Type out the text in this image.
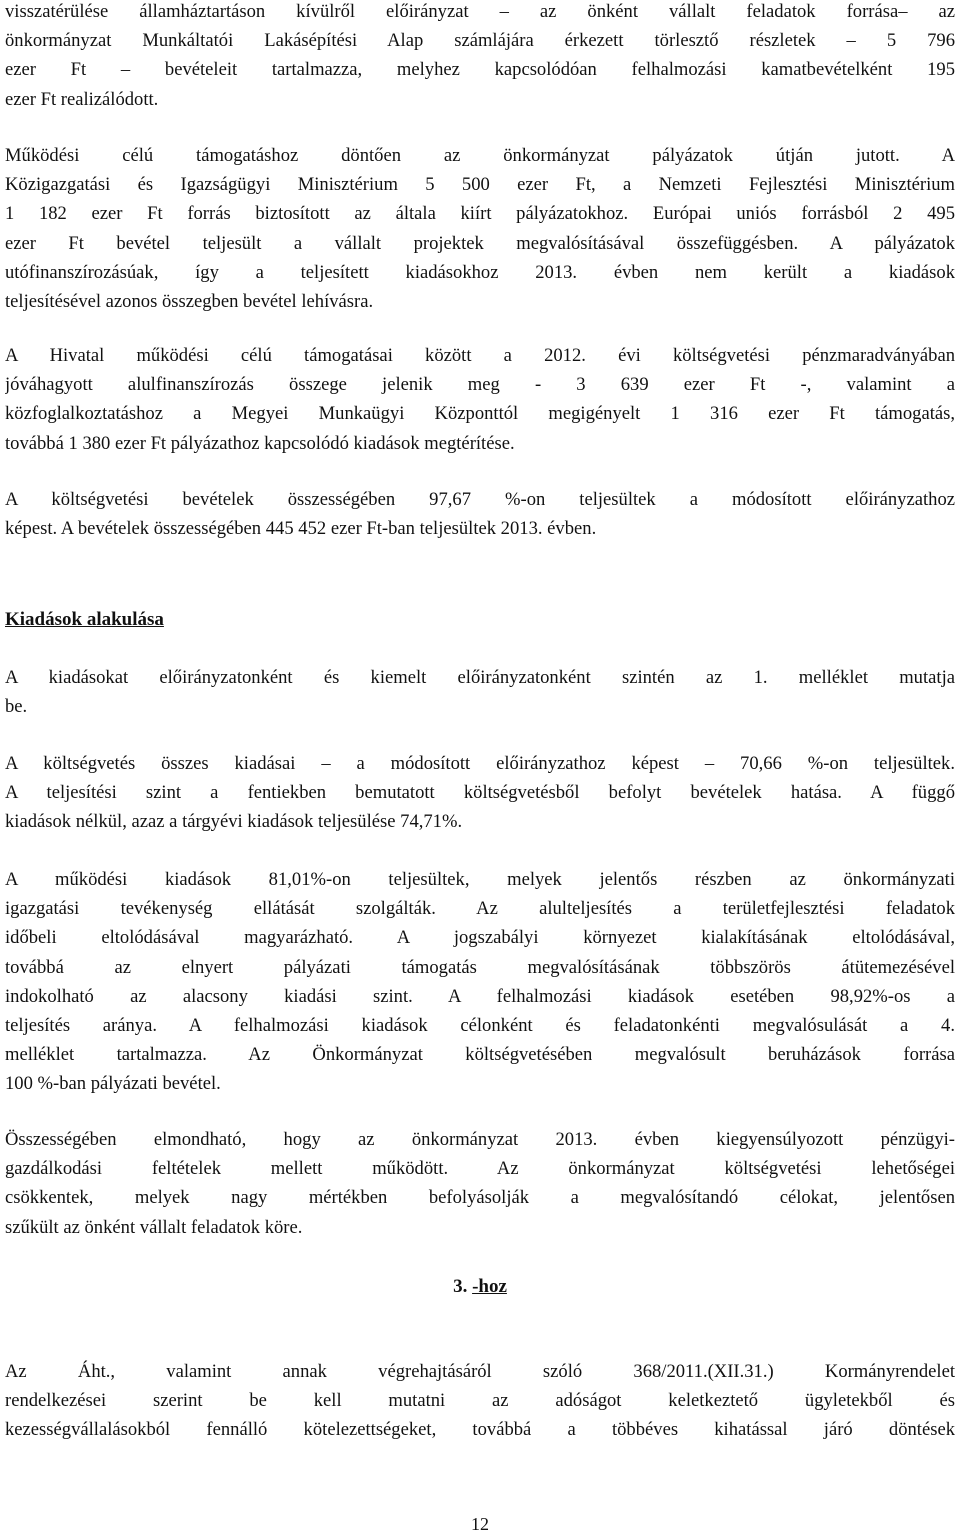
visszatérülése államháztartáson kívülről előirányzat – az önként vállalt feladatok forrása– az
önkormányzat Munkáltatói Lakásépítési Alap számlájára érkezett törlesztő részletek – 5 796
ezer Ft – bevételeit tartalmazza, melyhez kapcsolódóan felhalmozási kamatbevételként 195
ezer Ft realizálódott.
Működési célú támogatáshoz döntően az önkormányzat pályázatok útján jutott. A
Közigazgatási és Igazságügyi Minisztérium 5 500 ezer Ft, a Nemzeti Fejlesztési Minisztérium
1 182 ezer Ft forrás biztosított az általa kiírt pályázatokhoz. Európai uniós forrásból 2 495
ezer Ft bevétel teljesült a vállalt projektek megvalósításával összefüggésben. A pályázatok
utófinanszírozásúak, így a teljesített kiadásokhoz 2013. évben nem került a kiadások
teljesítésével azonos összegben bevétel lehívásra.
A Hivatal működési célú támogatásai között a 2012. évi költségvetési pénzmaradványában
jóváhagyott alulfinanszírozás összege jelenik meg - 3 639 ezer Ft -, valamint a
közfoglalkoztatáshoz a Megyei Munkaügyi Központtól megigényelt 1 316 ezer Ft támogatás,
továbbá 1 380 ezer Ft pályázathoz kapcsolódó kiadások megtérítése.
A költségvetési bevételek összességében 97,67 %-on teljesültek a módosított előirányzathoz
képest. A bevételek összességében 445 452 ezer Ft-ban teljesültek 2013. évben.
Kiadások alakulása
A kiadásokat előirányzatonként és kiemelt előirányzatonként szintén az 1. melléklet mutatja
be.
A költségvetés összes kiadásai – a módosított előirányzathoz képest – 70,66 %-on teljesültek.
A teljesítési szint a fentiekben bemutatott költségvetésből befolyt bevételek hatása. A függő
kiadások nélkül, azaz a tárgyévi kiadások teljesülése 74,71%.
A működési kiadások 81,01%-on teljesültek, melyek jelentős részben az önkormányzati
igazgatási tevékenység ellátását szolgálták. Az alulteljesítés a területfejlesztési feladatok
időbeli eltolódásával magyarázható. A jogszabályi környezet kialakításának eltolódásával,
továbbá az elnyert pályázati támogatás megvalósításának többszörös átütemezésével
indokolható az alacsony kiadási szint. A felhalmozási kiadások esetében 98,92%-os a
teljesítés aránya. A felhalmozási kiadások célonként és feladatonkénti megvalósulását a 4.
melléklet tartalmazza. Az Önkormányzat költségvetésében megvalósult beruházások forrása
100 %-ban pályázati bevétel.
Összességében elmondható, hogy az önkormányzat 2013. évben kiegyensúlyozott pénzügyi-
gazdálkodási feltételek mellett működött. Az önkormányzat költségvetési lehetőségei
csökkentek, melyek nagy mértékben befolyásolják a megvalósítandó célokat, jelentősen
szűkült az önként vállalt feladatok köre.
3. -hoz
Az Áht., valamint annak végrehajtásáról szóló 368/2011.(XII.31.) Kormányrendelet
rendelkezései szerint be kell mutatni az adóságot keletkeztető ügyletekből és
kezességvállalásokból fennálló kötelezettségeket, továbbá a többéves kihatással járó döntések
12
